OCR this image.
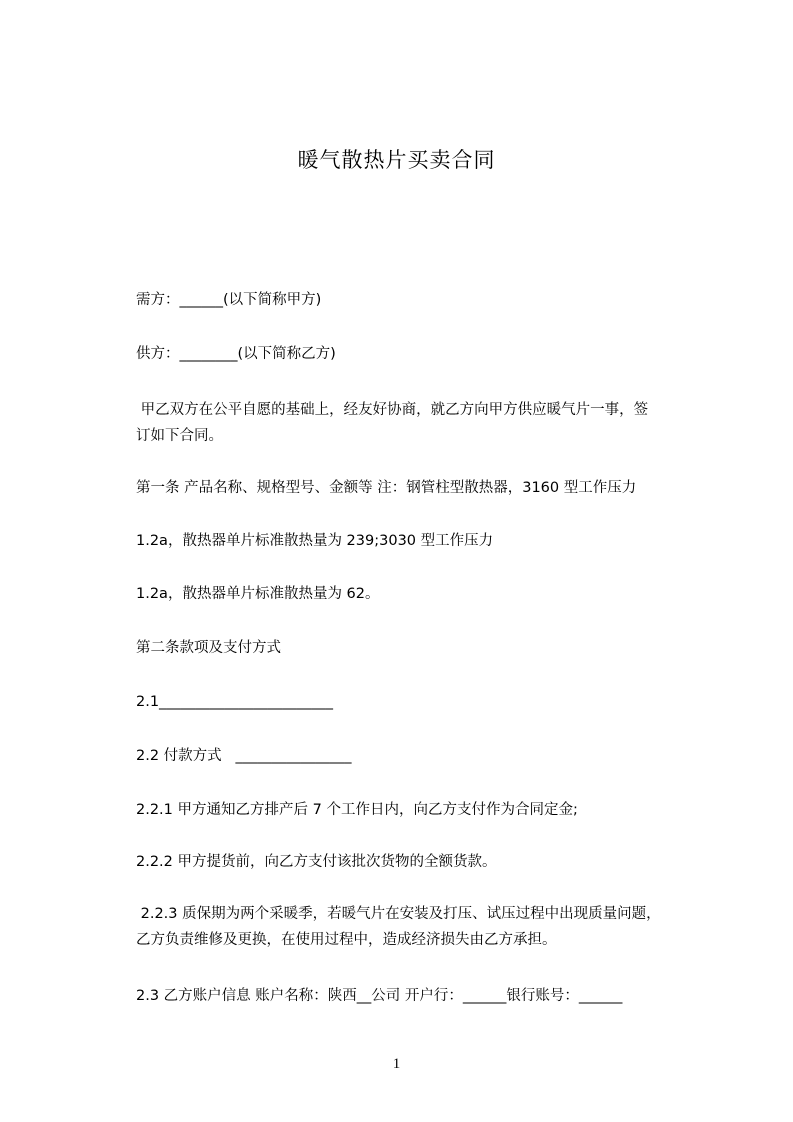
暖气散热片买卖合同
需方：______(以下简称甲方)
供方：________(以下简称乙方)
甲乙双方在公平自愿的基础上，经友好协商，就乙方向甲方供应暖气片一事，签
订如下合同。
第一条 产品名称、规格型号、金额等 注：钢管柱型散热器，3160 型工作压力
1.2a，散热器单片标准散热量为 239;3030 型工作压力
1.2a，散热器单片标准散热量为 62。
第二条款项及支付方式
2.1________________________
2.2 付款方式   ________________
2.2.1 甲方通知乙方排产后 7 个工作日内，向乙方支付作为合同定金;
2.2.2 甲方提货前，向乙方支付该批次货物的全额货款。
2.2.3 质保期为两个采暖季，若暖气片在安装及打压、试压过程中出现质量问题，
乙方负责维修及更换，在使用过程中，造成经济损失由乙方承担。
2.3 乙方账户信息 账户名称：陕西__公司 开户行：______银行账号：______
1
